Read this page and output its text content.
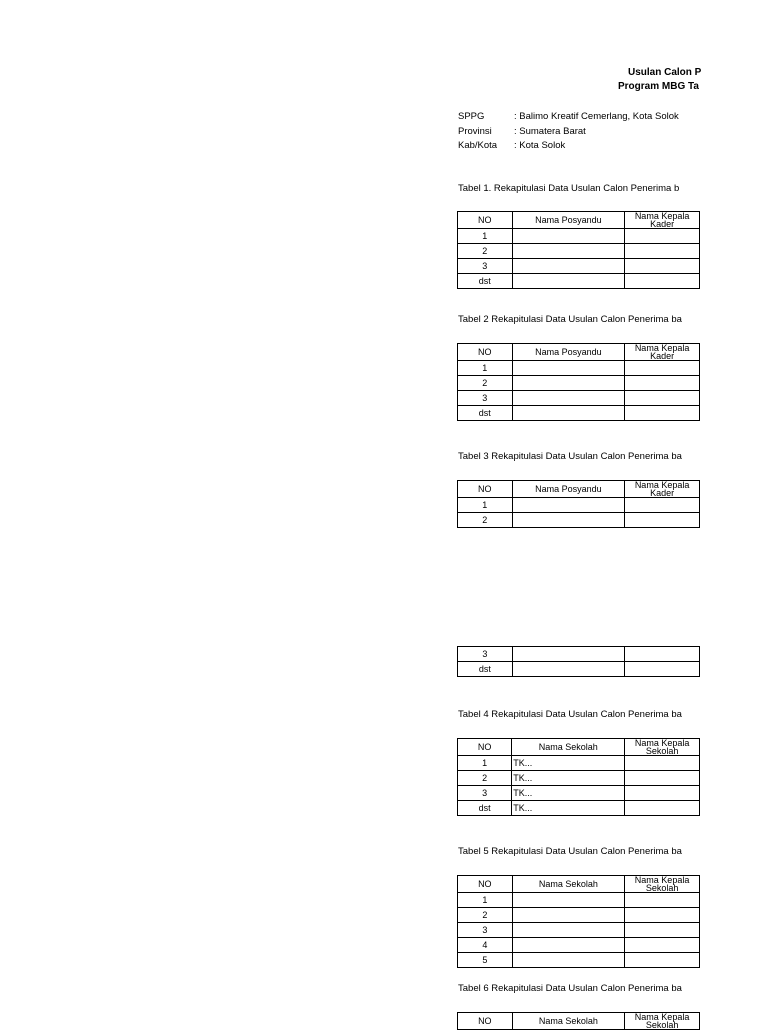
Usulan Calon P
Program MBG Ta
SPPG	: Balimo Kreatif Cemerlang, Kota Solok
Provinsi : Sumatera Barat
Kab/Kota : Kota Solok
Tabel 1. Rekapitulasi Data Usulan Calon Penerima b
NO	Nama Posyandu	Nama Kepala
Kader

1		
2		
3		
dst		
Tabel 2 Rekapitulasi Data Usulan Calon Penerima ba
NO	Nama Posyandu	Nama Kepala
Kader

1		
2		
3		
dst		
Tabel 3 Rekapitulasi Data Usulan Calon Penerima ba
NO	Nama Posyandu	Nama Kepala
Kader

1		
2		
3		
dst		
Tabel 4 Rekapitulasi Data Usulan Calon Penerima ba
NO	Nama Sekolah	Nama Kepala
Sekolah

1	TK...	
2	TK...	
3	TK...	
dst	TK...	
Tabel 5 Rekapitulasi Data Usulan Calon Penerima ba
NO	Nama Sekolah	Nama Kepala
Sekolah

1		
2		
3		
4		
5		
Tabel 6 Rekapitulasi Data Usulan Calon Penerima ba
NO	Nama Sekolah	Nama Kepala
Sekolah
